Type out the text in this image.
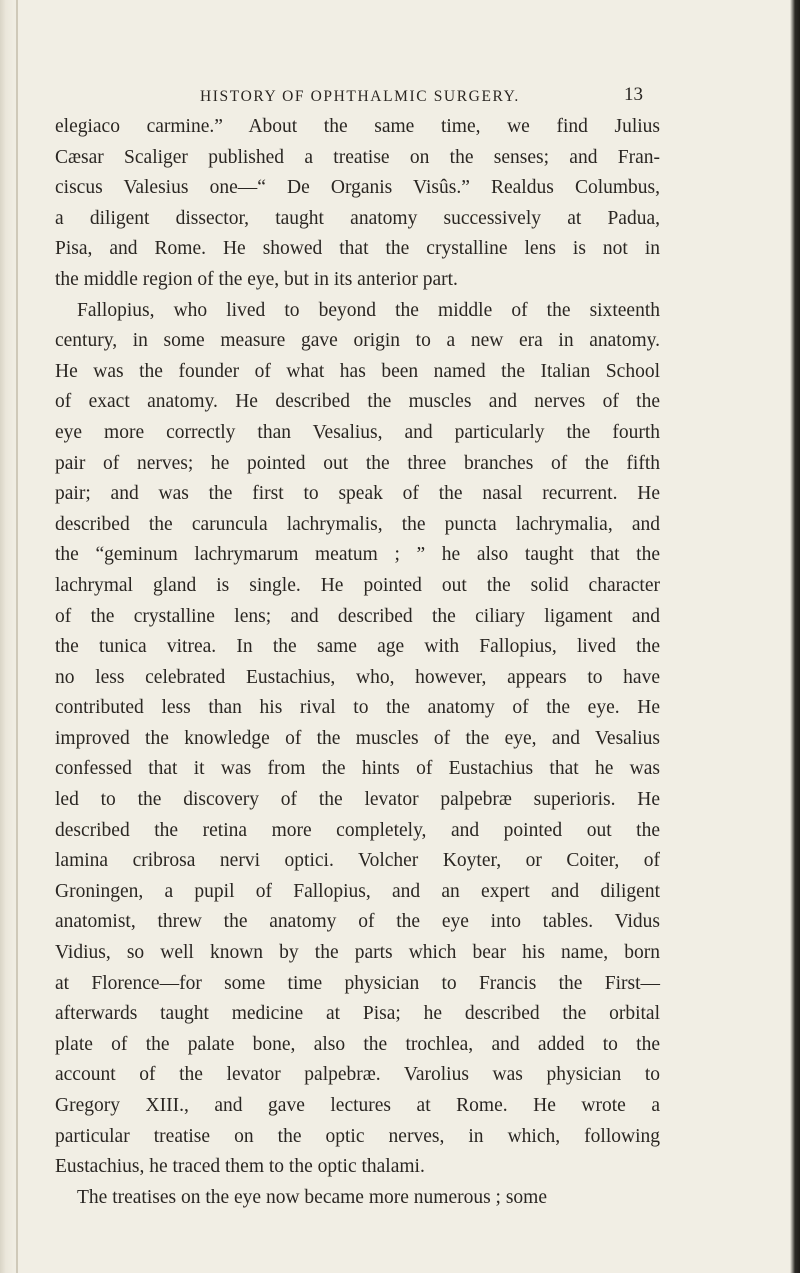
HISTORY OF OPHTHALMIC SURGERY.	13
elegiaco carmine.” About the same time, we find Julius
Cæsar Scaliger published a treatise on the senses; and Fran-
ciscus Valesius one—“ De Organis Visûs.” Realdus Columbus,
a diligent dissector, taught anatomy successively at Padua,
Pisa, and Rome. He showed that the crystalline lens is not in
the middle region of the eye, but in its anterior part.
Fallopius, who lived to beyond the middle of the sixteenth
century, in some measure gave origin to a new era in anatomy.
He was the founder of what has been named the Italian School
of exact anatomy. He described the muscles and nerves of the
eye more correctly than Vesalius, and particularly the fourth
pair of nerves; he pointed out the three branches of the fifth
pair; and was the first to speak of the nasal recurrent. He
described the caruncula lachrymalis, the puncta lachrymalia, and
the “geminum lachrymarum meatum ; ” he also taught that the
lachrymal gland is single. He pointed out the solid character
of the crystalline lens; and described the ciliary ligament and
the tunica vitrea. In the same age with Fallopius, lived the
no less celebrated Eustachius, who, however, appears to have
contributed less than his rival to the anatomy of the eye. He
improved the knowledge of the muscles of the eye, and Vesalius
confessed that it was from the hints of Eustachius that he was
led to the discovery of the levator palpebræ superioris. He
described the retina more completely, and pointed out the
lamina cribrosa nervi optici. Volcher Koyter, or Coiter, of
Groningen, a pupil of Fallopius, and an expert and diligent
anatomist, threw the anatomy of the eye into tables. Vidus
Vidius, so well known by the parts which bear his name, born
at Florence—for some time physician to Francis the First—
afterwards taught medicine at Pisa; he described the orbital
plate of the palate bone, also the trochlea, and added to the
account of the levator palpebræ. Varolius was physician to
Gregory XIII., and gave lectures at Rome. He wrote a
particular treatise on the optic nerves, in which, following
Eustachius, he traced them to the optic thalami.
The treatises on the eye now became more numerous ; some
